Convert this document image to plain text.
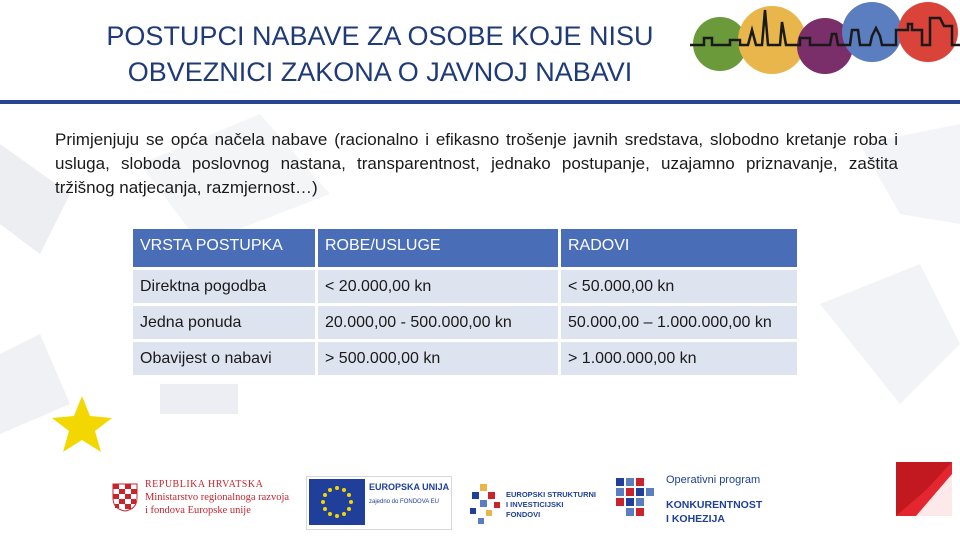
POSTUPCI NABAVE ZA OSOBE KOJE NISU
OBVEZNICI ZAKONA O JAVNOJ NABAVI
Primjenjuju se opća načela nabave (racionalno i efikasno trošenje javnih sredstava, slobodno kretanje roba i usluga, sloboda poslovnog nastana, transparentnost, jednako postupanje, uzajamno priznavanje, zaštita tržišnog natjecanja, razmjernost…)
VRSTA POSTUPKA	ROBE/USLUGE	RADOVI
Direktna pogodba	< 20.000,00 kn	< 50.000,00 kn
Jedna ponuda	20.000,00 - 500.000,00 kn	50.000,00 – 1.000.000,00 kn
Obavijest o nabavi	> 500.000,00 kn	> 1.000.000,00 kn
REPUBLIKA HRVATSKA
Ministarstvo regionalnoga razvoja
i fondova Europske unije
EUROPSKA UNIJA
zajedno do FONDOVA EU
EUROPSKI STRUKTURNI
I INVESTICIJSKI FONDOVI
Operativni program
KONKURENTNOST
I KOHEZIJA
